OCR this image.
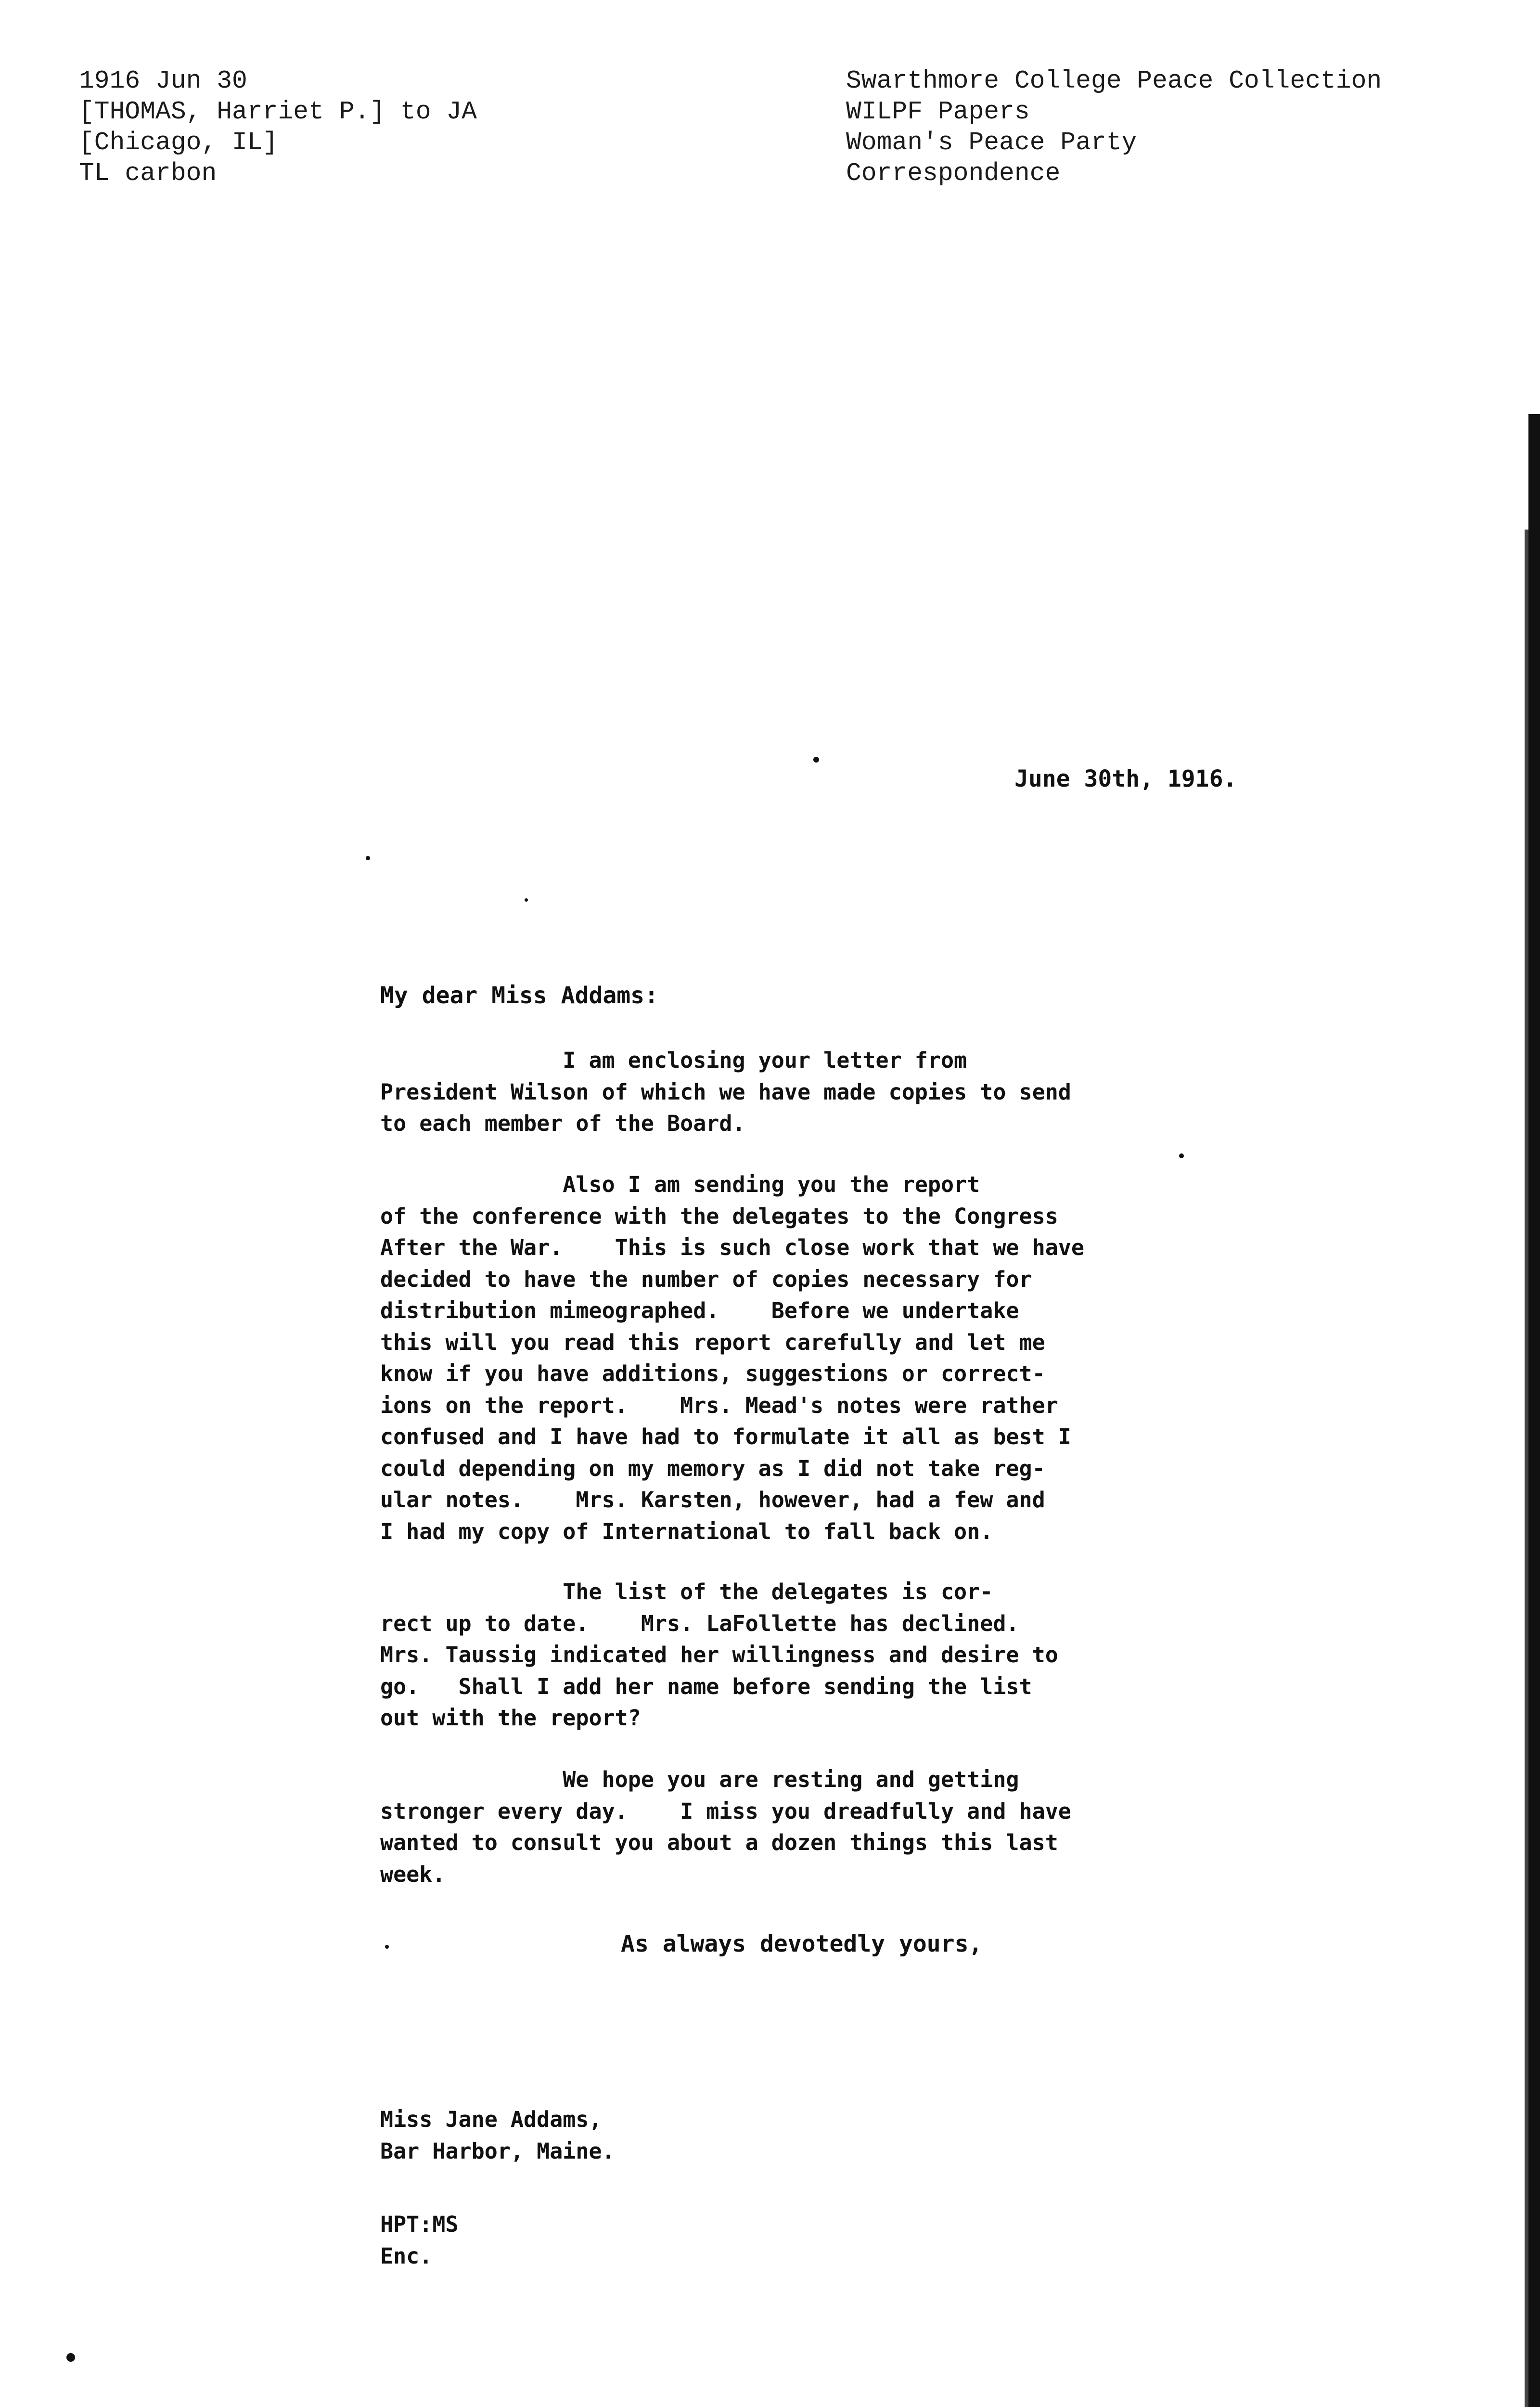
1916 Jun 30
[THOMAS, Harriet P.] to JA
[Chicago, IL]
TL carbon
Swarthmore College Peace Collection
WILPF Papers
Woman's Peace Party
Correspondence
June 30th, 1916.
My dear Miss Addams:
I am enclosing your letter from
President Wilson of which we have made copies to send
to each member of the Board.
Also I am sending you the report
of the conference with the delegates to the Congress
After the War.    This is such close work that we have
decided to have the number of copies necessary for
distribution mimeographed.    Before we undertake
this will you read this report carefully and let me
know if you have additions, suggestions or correct-
ions on the report.    Mrs. Mead's notes were rather
confused and I have had to formulate it all as best I
could depending on my memory as I did not take reg-
ular notes.    Mrs. Karsten, however, had a few and
I had my copy of International to fall back on.
The list of the delegates is cor-
rect up to date.    Mrs. LaFollette has declined.
Mrs. Taussig indicated her willingness and desire to
go.   Shall I add her name before sending the list
out with the report?
We hope you are resting and getting
stronger every day.    I miss you dreadfully and have
wanted to consult you about a dozen things this last
week.
As always devotedly yours,
Miss Jane Addams,
Bar Harbor, Maine.
HPT:MS
Enc.
